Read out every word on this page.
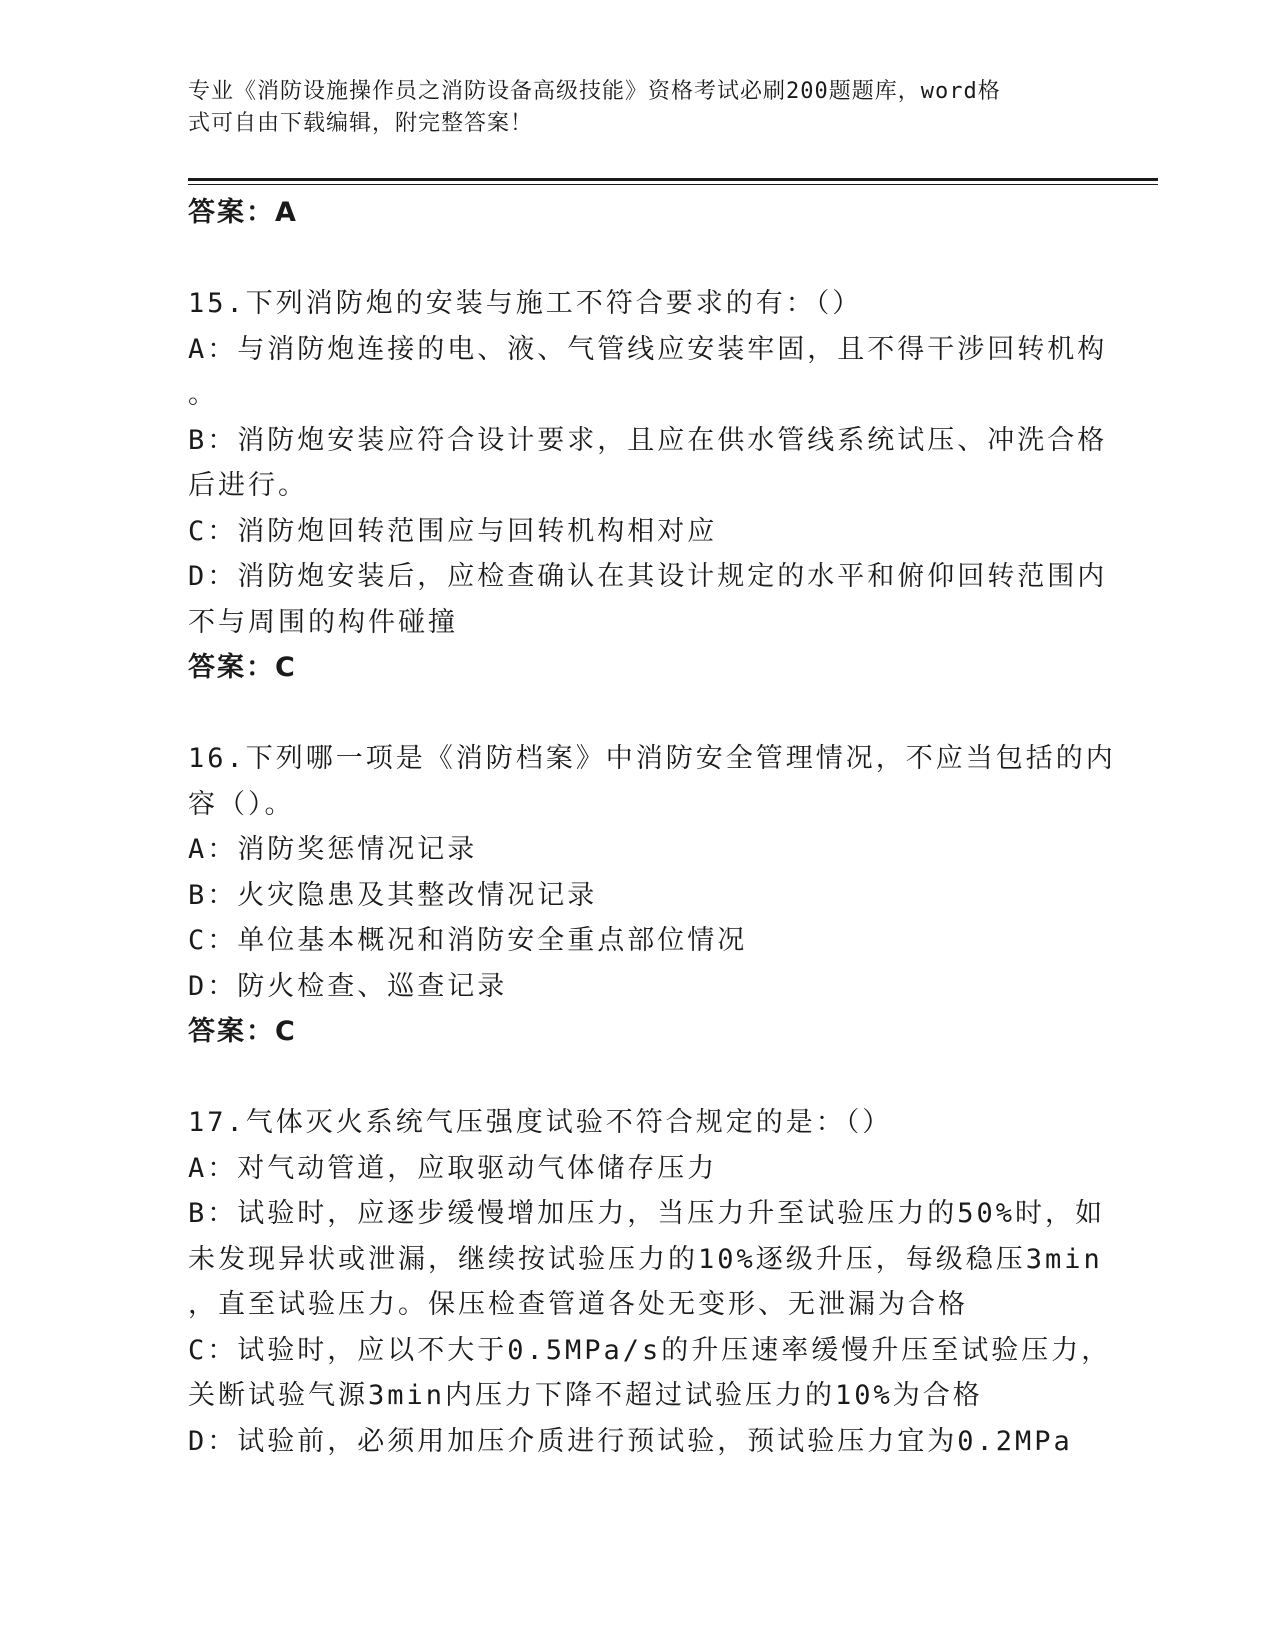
专业《消防设施操作员之消防设备高级技能》资格考试必刷200题题库，word格
式可自由下载编辑，附完整答案！
答案：A
15.下列消防炮的安装与施工不符合要求的有：（）
A：与消防炮连接的电、液、气管线应安装牢固，且不得干涉回转机构
。
B：消防炮安装应符合设计要求，且应在供水管线系统试压、冲洗合格
后进行。
C：消防炮回转范围应与回转机构相对应
D：消防炮安装后，应检查确认在其设计规定的水平和俯仰回转范围内
不与周围的构件碰撞
答案：C
16.下列哪一项是《消防档案》中消防安全管理情况，不应当包括的内
容（）。
A：消防奖惩情况记录
B：火灾隐患及其整改情况记录
C：单位基本概况和消防安全重点部位情况
D：防火检查、巡查记录
答案：C
17.气体灭火系统气压强度试验不符合规定的是：（）
A：对气动管道，应取驱动气体储存压力
B：试验时，应逐步缓慢增加压力，当压力升至试验压力的50%时，如
未发现异状或泄漏，继续按试验压力的10%逐级升压，每级稳压3min
，直至试验压力。保压检查管道各处无变形、无泄漏为合格
C：试验时，应以不大于0.5MPa/s的升压速率缓慢升压至试验压力，
关断试验气源3min内压力下降不超过试验压力的10%为合格
D：试验前，必须用加压介质进行预试验，预试验压力宜为0.2MPa
